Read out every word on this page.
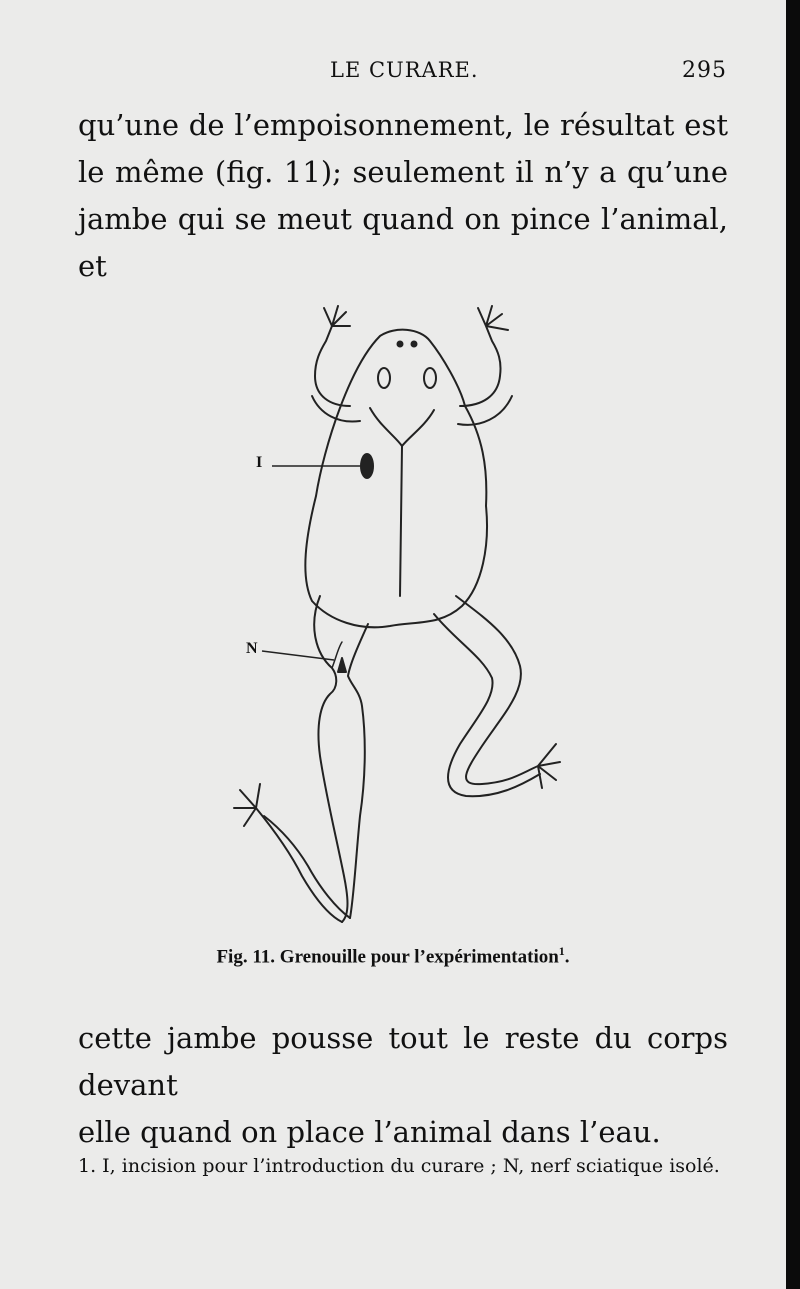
LE CURARE.	295

qu’une de l’empoisonnement, le résultat est le même (fig. 11); seulement il n’y a qu’une jambe qui se meut quand on pince l’animal, et

I
N
Fig. 11. Grenouille pour l’expérimentation$^1$.

cette jambe pousse tout le reste du corps devant
elle quand on place l’animal dans l’eau.

1. I, incision pour l’introduction du curare ; N, nerf sciatique isolé.
